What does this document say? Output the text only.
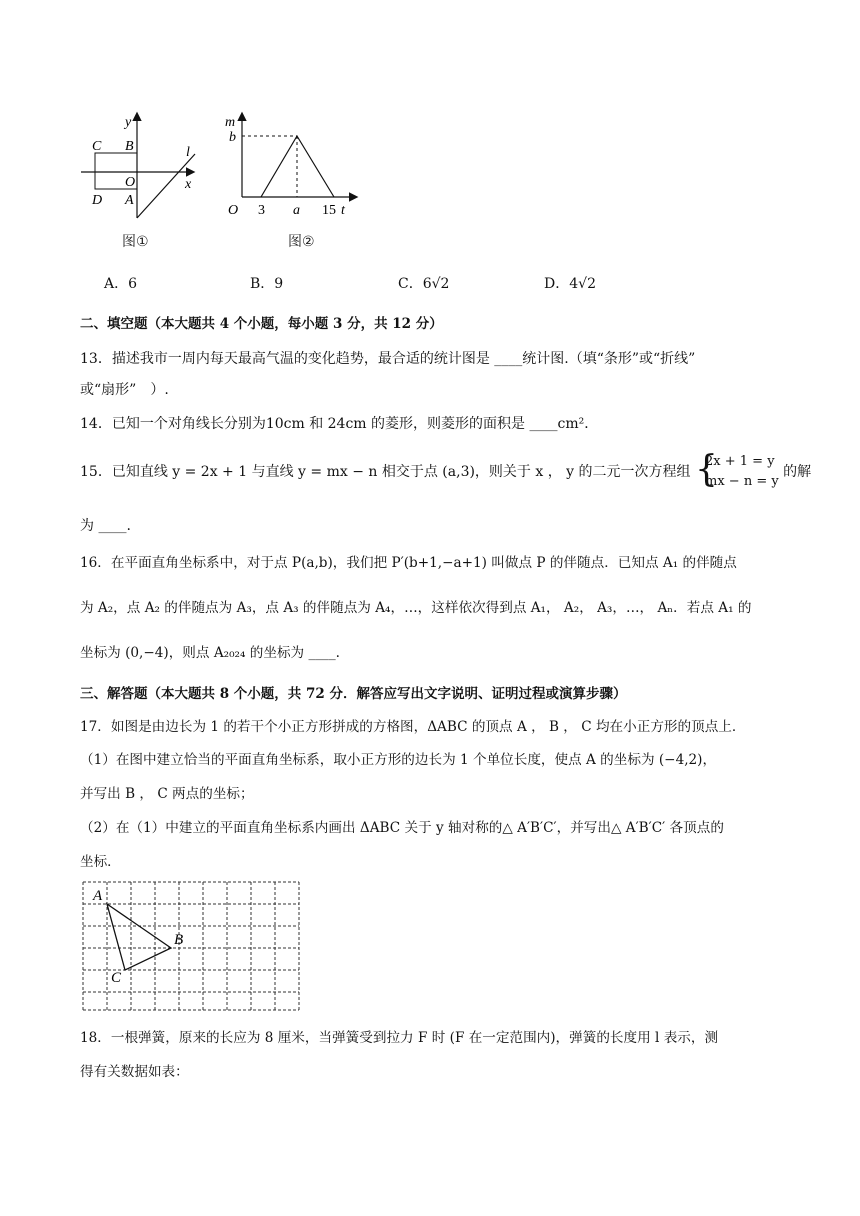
y
x
l
C B
O
D A
图①
m
b
O 3 a 15 t
图②
A．6	B．9	C．6√2	D．4√2
二、填空题（本大题共 4 个小题，每小题 3 分，共 12 分）
13．描述我市一周内每天最高气温的变化趋势，最合适的统计图是 ____统计图.（填“条形”或“折线”
或“扇形”　）.
14．已知一个对角线长分别为10cm 和 24cm 的菱形，则菱形的面积是 ____cm²．
15．已知直线 y = 2x + 1 与直线 y = mx − n 相交于点 (a,3)，则关于 x ， y 的二元一次方程组 {
2x + 1 = y
mx − n = y
的解
为 ____.
16．在平面直角坐标系中，对于点 P(a,b)，我们把 P′(b+1,−a+1) 叫做点 P 的伴随点．已知点 A₁ 的伴随点
为 A₂，点 A₂ 的伴随点为 A₃，点 A₃ 的伴随点为 A₄，…，这样依次得到点 A₁， A₂， A₃，…， Aₙ．若点 A₁ 的
坐标为 (0,−4)，则点 A₂₀₂₄ 的坐标为 ____.
三、解答题（本大题共 8 个小题，共 72 分．解答应写出文字说明、证明过程或演算步骤）
17．如图是由边长为 1 的若干个小正方形拼成的方格图，ΔABC 的顶点 A ， B ， C 均在小正方形的顶点上．
（1）在图中建立恰当的平面直角坐标系，取小正方形的边长为 1 个单位长度，使点 A 的坐标为 (−4,2)，
并写出 B ， C 两点的坐标；
（2）在（1）中建立的平面直角坐标系内画出 ΔABC 关于 y 轴对称的△ A′B′C′，并写出△ A′B′C′ 各顶点的
坐标．
A
B
C
18．一根弹簧，原来的长应为 8 厘米，当弹簧受到拉力 F 时 (F 在一定范围内)，弹簧的长度用 l 表示，测
得有关数据如表：
